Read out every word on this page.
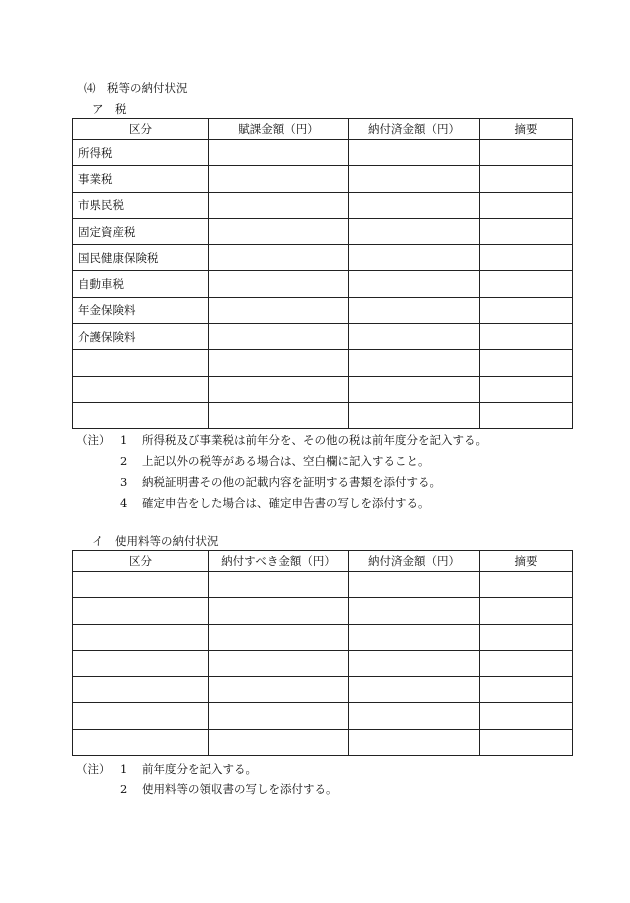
⑷　税等の納付状況
ア　税
区分	賦課金額（円）	納付済金額（円）	摘要
所得税			
事業税			
市県民税			
固定資産税			
国民健康保険税			
自動車税			
年金保険料			
介護保険料			

（注） 1 所得税及び事業税は前年分を、その他の税は前年度分を記入する。
2 上記以外の税等がある場合は、空白欄に記入すること。
3 納税証明書その他の記載内容を証明する書類を添付する。
4 確定申告をした場合は、確定申告書の写しを添付する。
イ　使用料等の納付状況
区分	納付すべき金額（円）	納付済金額（円）	摘要

（注） 1 前年度分を記入する。
2 使用料等の領収書の写しを添付する。
